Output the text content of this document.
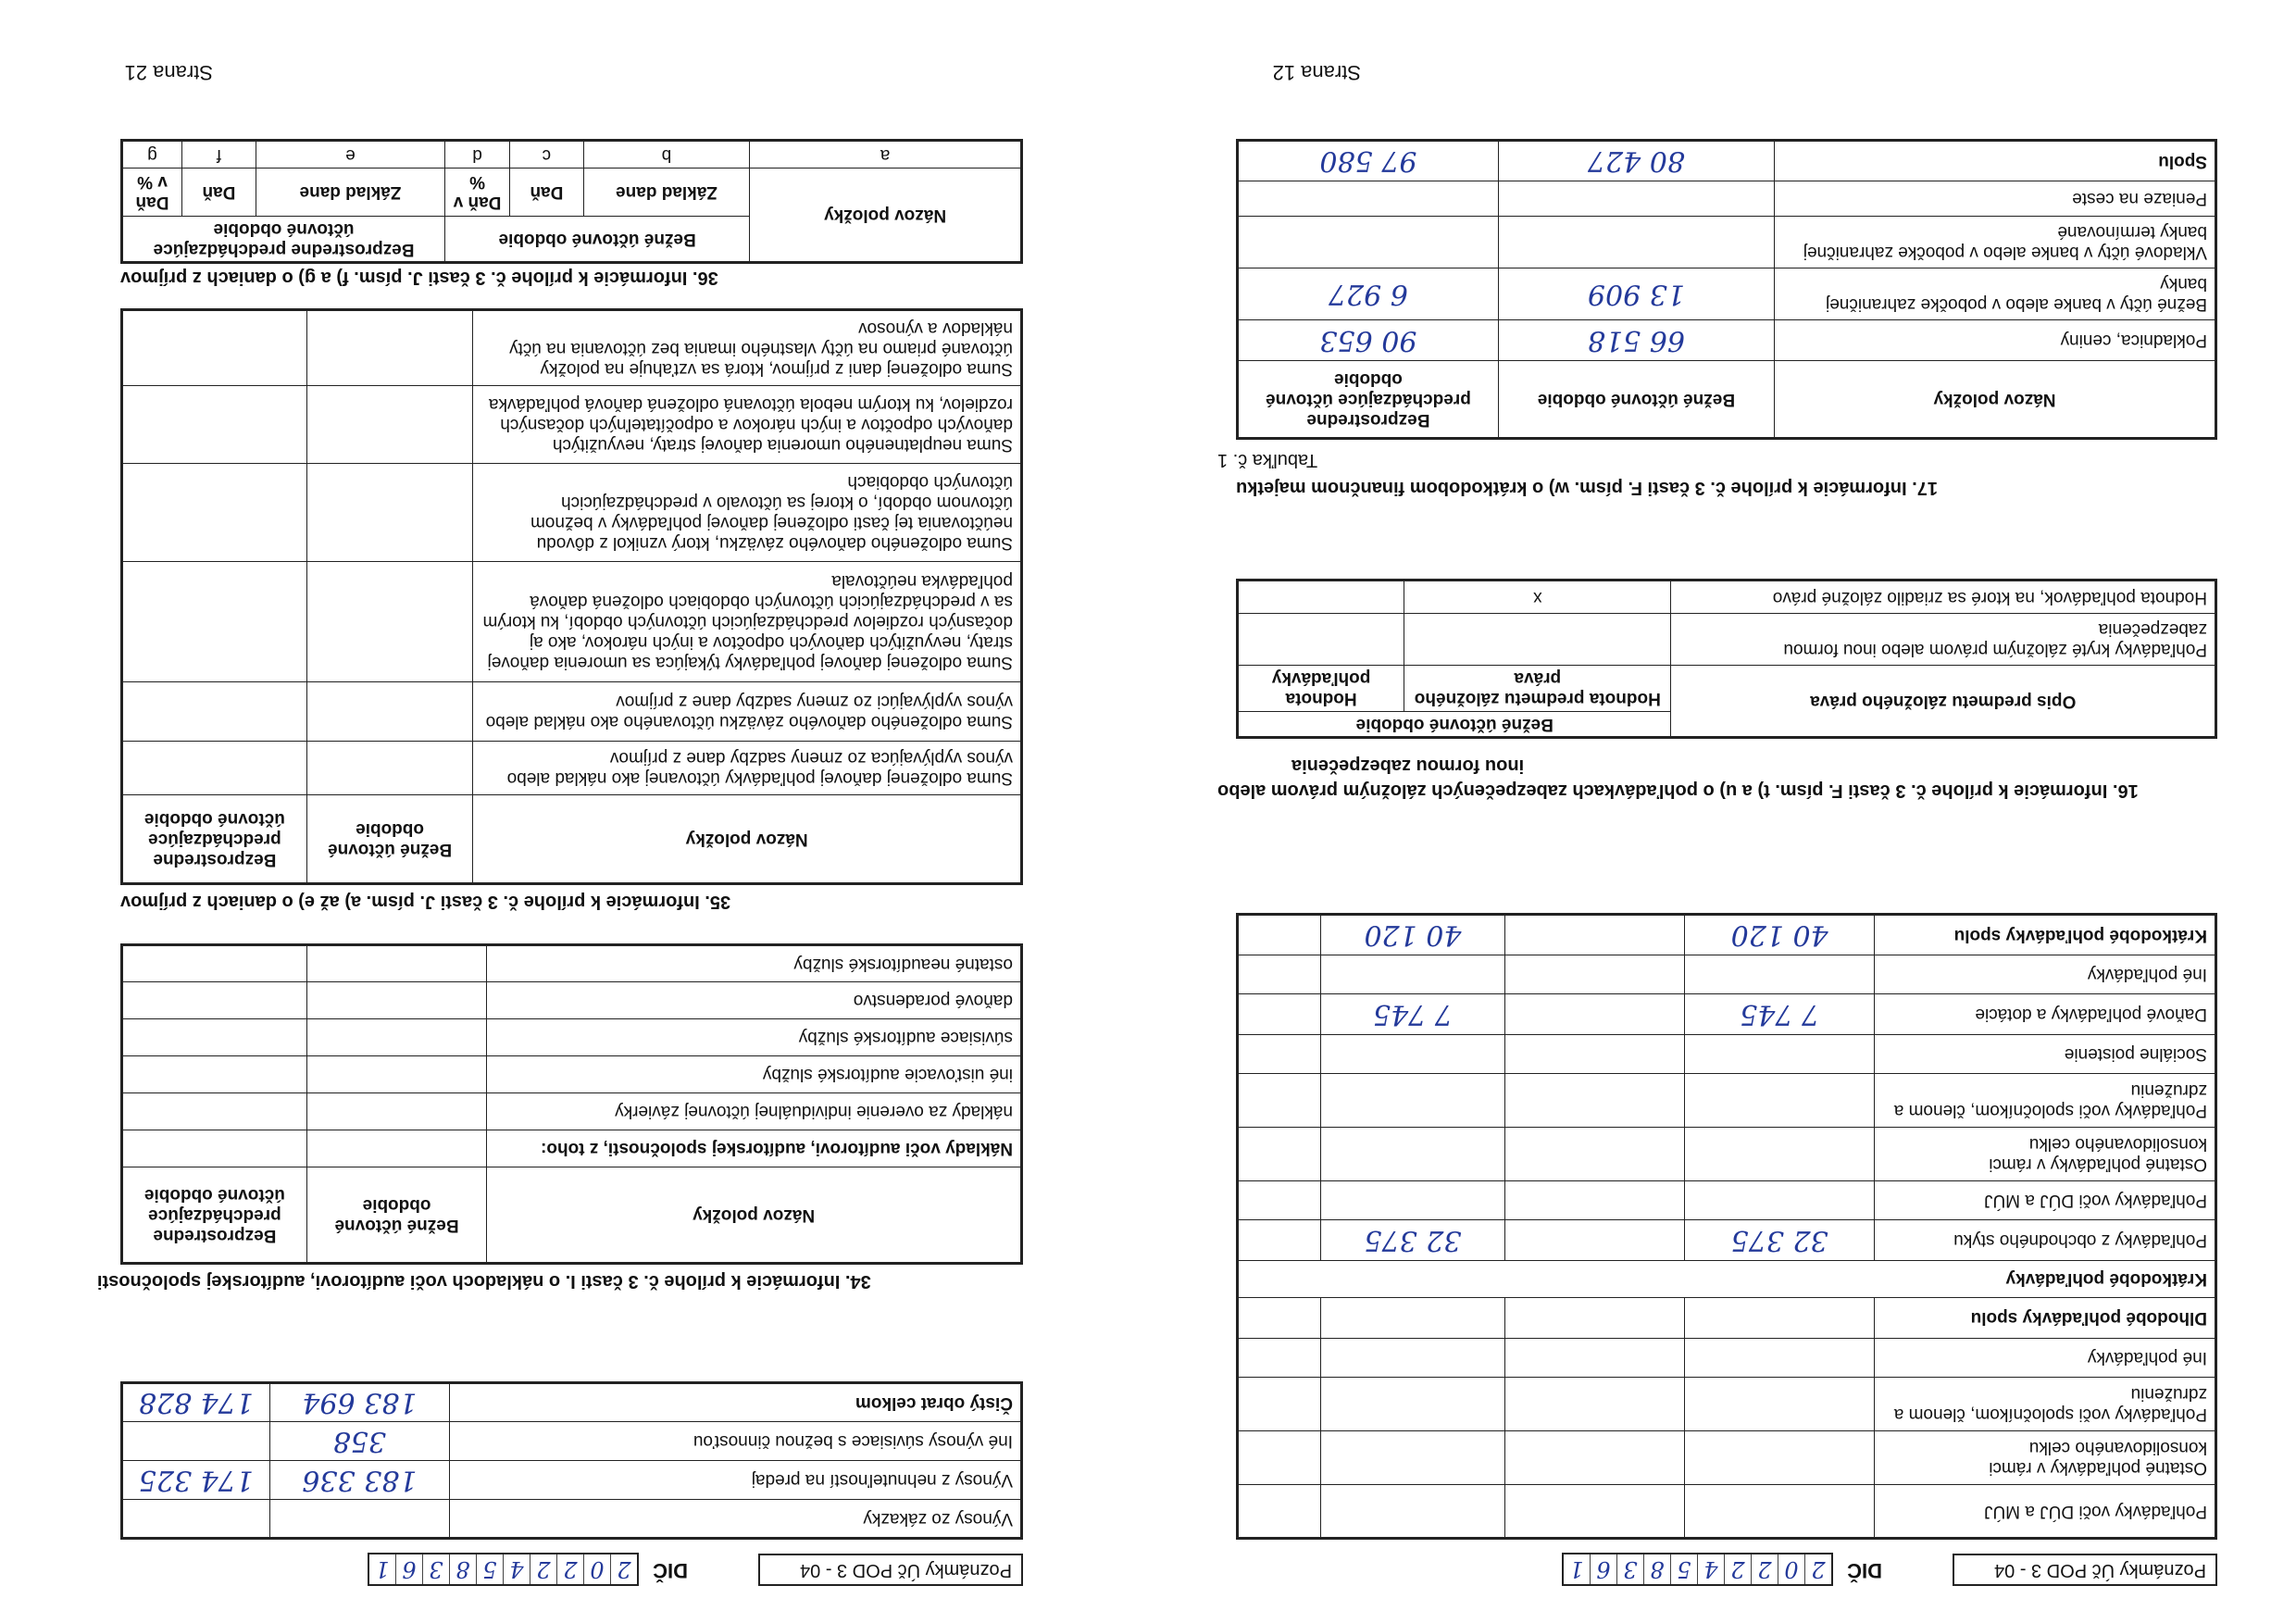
Poznámky Úč POD 3 - 04
DIČ
2
0
2
2
4
5
8
3
6
1
Pohľadávky voči DÚJ a MÚJ				
Ostatné pohľadávky v rámci konsolidovaného celku				
Pohľadávky voči spoločníkom, členom a združeniu				
Iné pohľadávky				
Dlhodobé pohľadávky spolu				
Krátkodobé pohľadávky				
Pohľadávky z obchodného styku	32 375		32 375	
Pohľadávky voči DÚJ a MÚJ				
Ostatné pohľadávky v rámci konsolidovaného celku				
Pohľadávky voči spoločníkom, členom a združeniu				
Sociálne poistenie				
Daňové pohľadávky a dotácie	7 745		7 745	
Iné pohľadávky				
Krátkodobé pohľadávky spolu	40 120		40 120	
16. Informácie k prílohe č. 3 časti F. písm. t) a u) o pohľadávkach zabezpečených záložným právom alebo
inou formou zabezpečenia
Opis predmetu záložného práva	Bežné účtovné obdobie	
	Hodnota predmetu záložného práva	Hodnota pohľadávky
Pohľadávky kryté záložným právom alebo inou formou zabezpečenia		
Hodnota pohľadávok, na ktoré sa zriadilo záložné právo	x	
17. Informácie k prílohe č. 3 časti F. písm. w) o krátkodobom finančnom majetku
Tabuľka č. 1
Názov položky	Bežné účtovné obdobie	Bezprostredne predchádzajúce účtovné obdobie
Pokladnica, ceniny	66 518	90 653
Bežné účty v banke alebo v pobočke zahraničnej banky	13 909	6 927
Vkladové účty v banke alebo v pobočke zahraničnej banky termínované		
Peniaze na ceste		
Spolu	80 427	97 580
Strana 12
Poznámky Úč POD 3 - 04
DIČ
2
0
2
2
4
5
8
3
6
1
Výnosy zo zákazky		
Výnosy z nehnuteľností na predaj	183 336	174 325
Iné výnosy súvisiace s bežnou činnosťou	358	
Čistý obrat celkom	183 694	174 828
34. Informácie k prílohe č. 3 časti I. o nákladoch voči audítorovi, audítorskej spoločnosti
Názov položky	Bežné účtovné obdobie	Bezprostredne predchádzajúce účtovné obdobie
Náklady voči audítorovi, audítorskej spoločnosti, z toho:		
náklady za overenie individuálnej účtovnej závierky		
iné uisťovacie audítorské služby		
súvisiace audítorské služby		
daňové poradenstvo		
ostatné neaudítorské služby		
35. Informácie k prílohe č. 3 časti J. písm. a) až e) o daniach z príjmov
Názov položky	Bežné účtovné obdobie	Bezprostredne predchádzajúce účtovné obdobie
Suma odloženej daňovej pohľadávky účtovanej ako náklad alebo výnos vyplývajúca zo zmeny sadzby dane z príjmov		
Suma odloženého daňového záväzku účtovaného ako náklad alebo výnos vyplývajúci zo zmeny sadzby dane z príjmov		
Suma odloženej daňovej pohľadávky týkajúca sa umorenia daňovej straty, nevyužitých daňových odpočtov a iných nárokov, ako aj dočasných rozdielov predchádzajúcich účtovných období, ku ktorým sa v predchádzajúcich účtovných obdobiach odložená daňová pohľadávka neúčtovala		
Suma odloženého daňového záväzku, ktorý vznikol z dôvodu neúčtovania tej časti odloženej daňovej pohľadávky v bežnom účtovnom období, o ktorej sa účtovalo v predchádzajúcich účtovných obdobiach		
Suma neuplatneného umorenia daňovej straty, nevyužitých daňových odpočtov a iných nárokov a odpočítateľných dočasných rozdielov, ku ktorým nebola účtovaná odložená daňová pohľadávka		
Suma odloženej dani z príjmov, ktorá sa vzťahuje na položky účtované priamo na účty vlastného imania bez účtovania na účty nákladov a výnosov		
36. Informácie k prílohe č. 3 časti J. písm. f) a g) o daniach z príjmov
Názov položky	Bežné účtovné obdobie			Bezprostredne predchádzajúce účtovné obdobie		
	Základ dane	Daň	Daň v %	Základ dane	Daň	Daň v %
a	b	c	d	e	f	g
Strana 21
